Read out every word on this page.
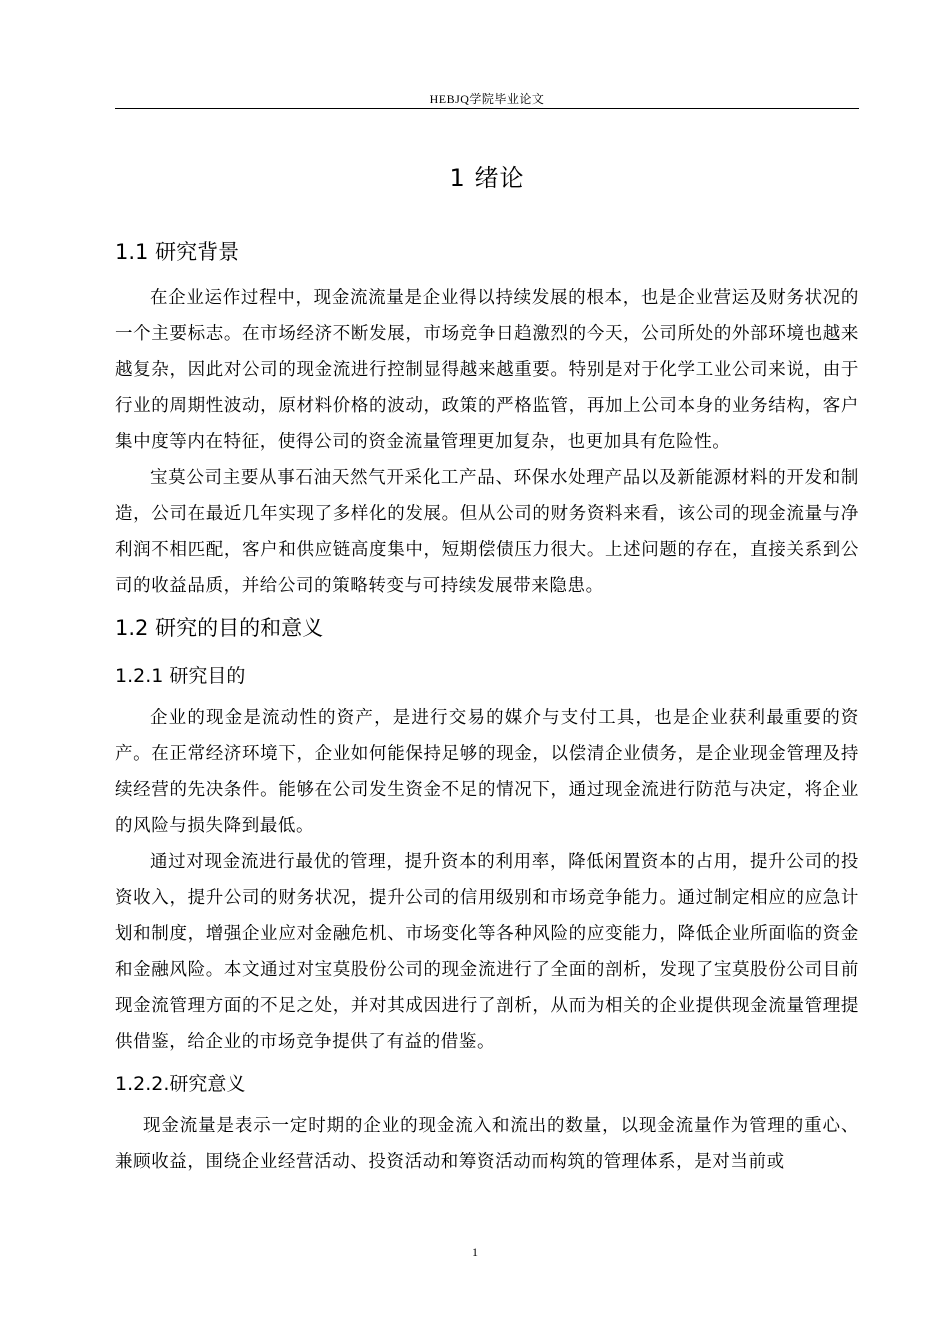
HEBJQ学院毕业论文
1 绪论
1.1 研究背景

在企业运作过程中，现金流流量是企业得以持续发展的根本，也是企业营运及财务状况的一个主要标志。在市场经济不断发展，市场竞争日趋激烈的今天，公司所处的外部环境也越来越复杂，因此对公司的现金流进行控制显得越来越重要。特别是对于化学工业公司来说，由于行业的周期性波动，原材料价格的波动，政策的严格监管，再加上公司本身的业务结构，客户集中度等内在特征，使得公司的资金流量管理更加复杂，也更加具有危险性。

宝莫公司主要从事石油天然气开采化工产品、环保水处理产品以及新能源材料的开发和制造，公司在最近几年实现了多样化的发展。但从公司的财务资料来看，该公司的现金流量与净利润不相匹配，客户和供应链高度集中，短期偿债压力很大。上述问题的存在，直接关系到公司的收益品质，并给公司的策略转变与可持续发展带来隐患。

1.2 研究的目的和意义
1.2.1 研究目的

企业的现金是流动性的资产，是进行交易的媒介与支付工具，也是企业获利最重要的资产。在正常经济环境下，企业如何能保持足够的现金，以偿清企业债务，是企业现金管理及持续经营的先决条件。能够在公司发生资金不足的情况下，通过现金流进行防范与决定，将企业的风险与损失降到最低。

通过对现金流进行最优的管理，提升资本的利用率，降低闲置资本的占用，提升公司的投资收入，提升公司的财务状况，提升公司的信用级别和市场竞争能力。通过制定相应的应急计划和制度，增强企业应对金融危机、市场变化等各种风险的应变能力，降低企业所面临的资金和金融风险。本文通过对宝莫股份公司的现金流进行了全面的剖析，发现了宝莫股份公司目前现金流管理方面的不足之处，并对其成因进行了剖析，从而为相关的企业提供现金流量管理提供借鉴，给企业的市场竞争提供了有益的借鉴。

1.2.2.研究意义

现金流量是表示一定时期的企业的现金流入和流出的数量，以现金流量作为管理的重心、兼顾收益，围绕企业经营活动、投资活动和筹资活动而构筑的管理体系，是对当前或

1
